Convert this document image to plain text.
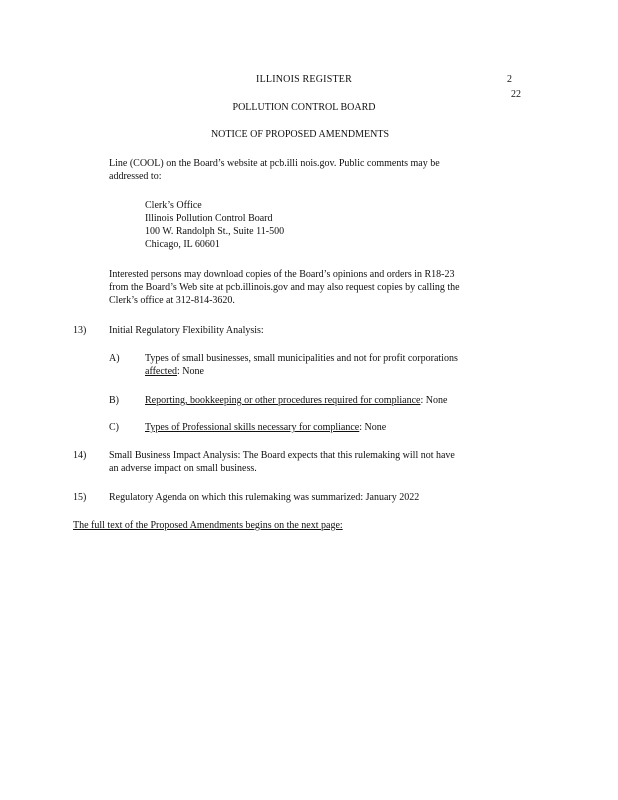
ILLINOIS REGISTER	2
22
POLLUTION CONTROL BOARD
NOTICE OF PROPOSED AMENDMENTS
Line (COOL) on the Board’s website at pcb.illi nois.gov. Public comments may be
addressed to:
Clerk’s Office
Illinois Pollution Control Board
100 W. Randolph St., Suite 11-500
Chicago, IL 60601
Interested persons may download copies of the Board’s opinions and orders in R18-23
from the Board’s Web site at pcb.illinois.gov and may also request copies by calling the
Clerk’s office at 312-814-3620.
13) Initial Regulatory Flexibility Analysis:
A)	Types of small businesses, small municipalities and not for profit corporations
affected: None
B)	Reporting, bookkeeping or other procedures required for compliance: None
C)	Types of Professional skills necessary for compliance: None
14) Small Business Impact Analysis: The Board expects that this rulemaking will not have
an adverse impact on small business.
15) Regulatory Agenda on which this rulemaking was summarized: January 2022
The full text of the Proposed Amendments begins on the next page:
